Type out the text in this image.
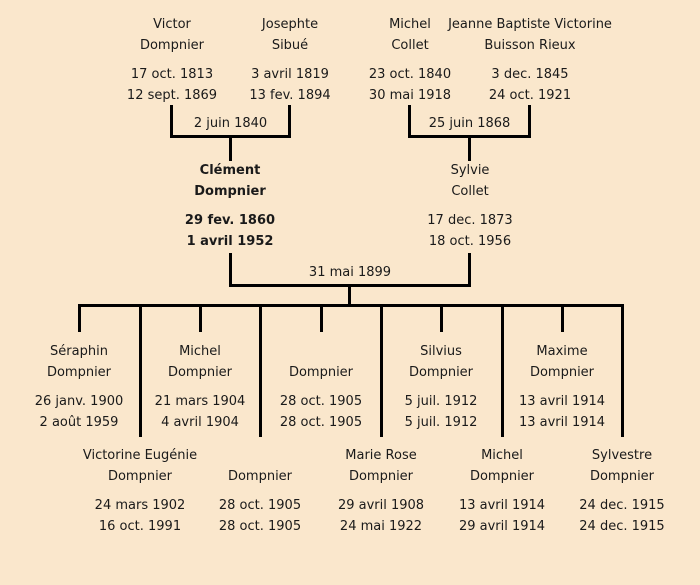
Victor
Dompnier
17 oct. 1813
12 sept. 1869
Josephte
Sibué
3 avril 1819
13 fev. 1894
Michel
Collet
23 oct. 1840
30 mai 1918
Jeanne Baptiste Victorine
Buisson Rieux
3 dec. 1845
24 oct. 1921
2 juin 1840	25 juin 1868
Clément
Dompnier
29 fev. 1860
1 avril 1952
Sylvie
Collet
17 dec. 1873
18 oct. 1956
31 mai 1899
Séraphin
Dompnier
26 janv. 1900
2 août 1959
Michel
Dompnier
21 mars 1904
4 avril 1904
Dompnier
28 oct. 1905
28 oct. 1905
Silvius
Dompnier
5 juil. 1912
5 juil. 1912
Maxime
Dompnier
13 avril 1914
13 avril 1914
Victorine Eugénie
Dompnier
24 mars 1902
16 oct. 1991
Dompnier
28 oct. 1905
28 oct. 1905
Marie Rose
Dompnier
29 avril 1908
24 mai 1922
Michel
Dompnier
13 avril 1914
29 avril 1914
Sylvestre
Dompnier
24 dec. 1915
24 dec. 1915
